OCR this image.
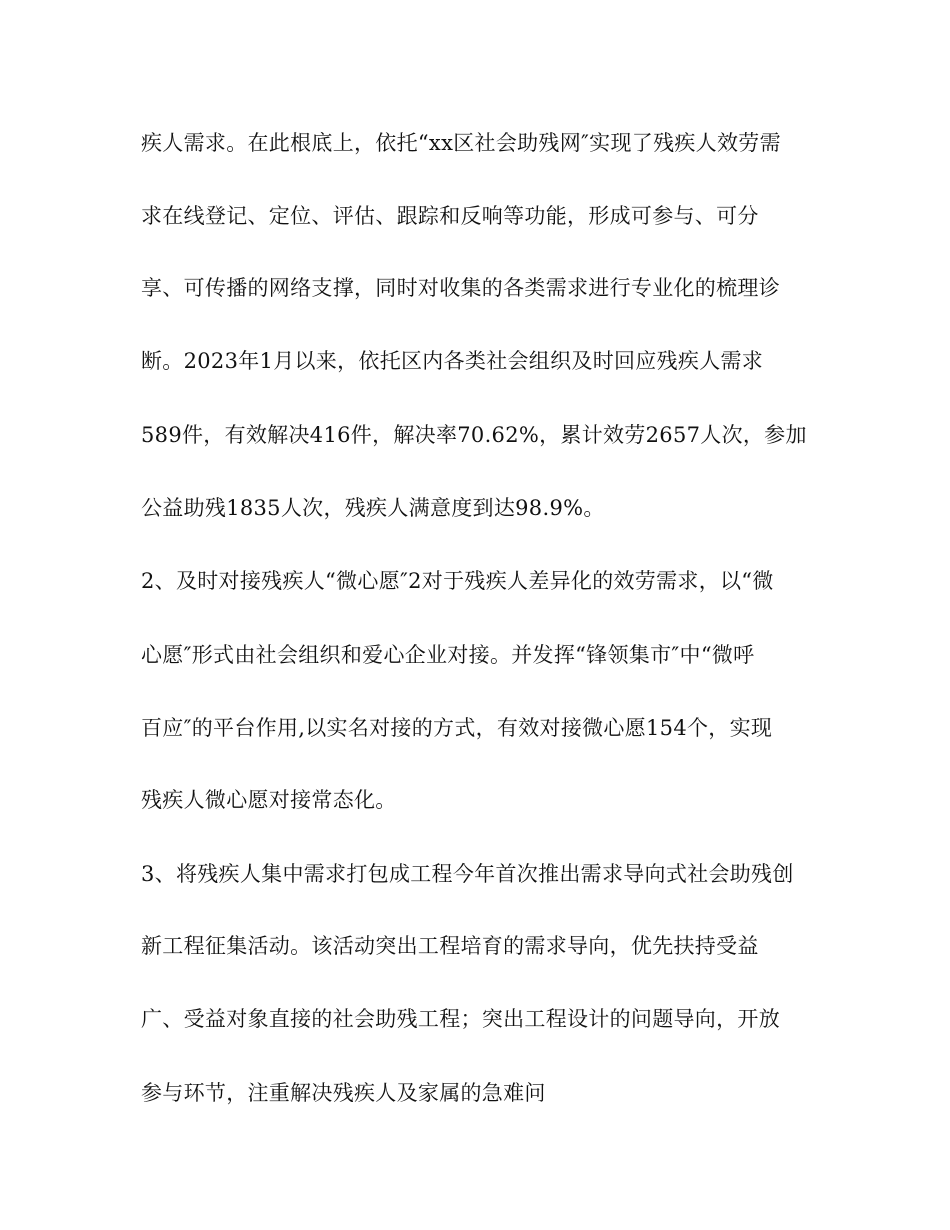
疾人需求。在此根底上，依托“xx区社会助残网″实现了残疾人效劳需
求在线登记、定位、评估、跟踪和反响等功能，形成可参与、可分
享、可传播的网络支撑，同时对收集的各类需求进行专业化的梳理诊
断。2023年1月以来，依托区内各类社会组织及时回应残疾人需求
589件，有效解决416件，解决率70.62%，累计效劳2657人次，参加
公益助残1835人次，残疾人满意度到达98.9%。
2、及时对接残疾人“微心愿″2对于残疾人差异化的效劳需求，以“微
心愿″形式由社会组织和爱心企业对接。并发挥“锋领集市″中“微呼
百应″的平台作用,以实名对接的方式，有效对接微心愿154个，实现
残疾人微心愿对接常态化。
3、将残疾人集中需求打包成工程今年首次推出需求导向式社会助残创
新工程征集活动。该活动突出工程培育的需求导向，优先扶持受益
广、受益对象直接的社会助残工程；突出工程设计的问题导向，开放
参与环节，注重解决残疾人及家属的急难问
